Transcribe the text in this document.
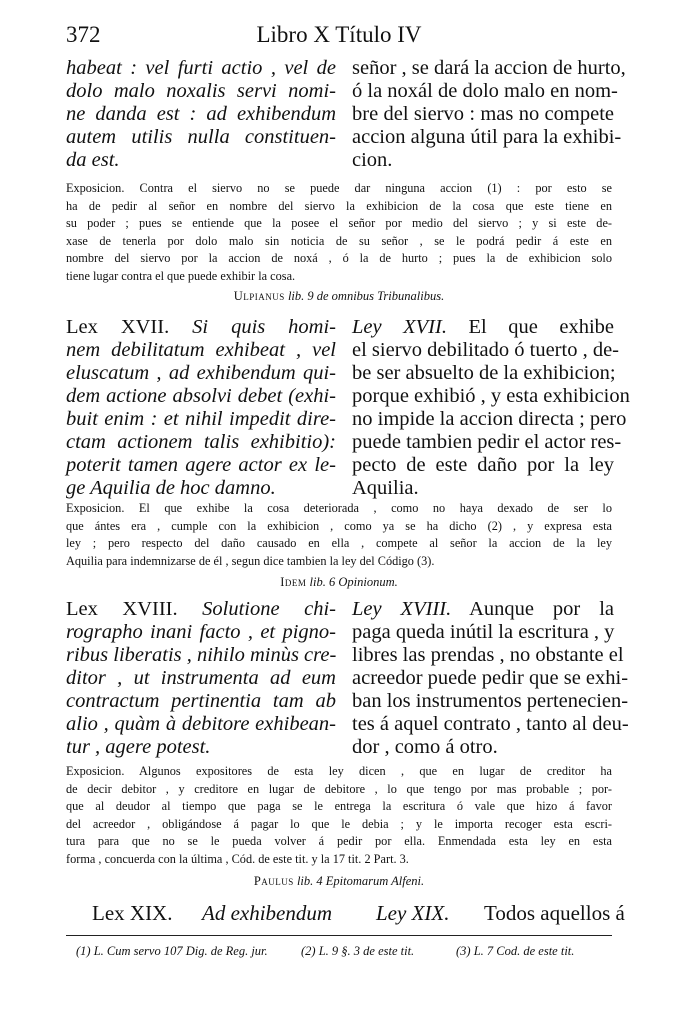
372	Libro X Título IV
habeat : vel furti actio , vel de
dolo malo noxalis servi nomi-
ne danda est : ad exhibendum
autem utilis nulla constituen-
da est.
señor , se dará la accion de hurto,
ó la noxál de dolo malo en nom-
bre del siervo : mas no compete
accion alguna útil para la exhibi-
cion.
Exposicion. Contra el siervo no se puede dar ninguna accion (1) : por esto se
ha de pedir al señor en nombre del siervo la exhibicion de la cosa que este tiene en
su poder ; pues se entiende que la posee el señor por medio del siervo ; y si este de-
xase de tenerla por dolo malo sin noticia de su señor , se le podrá pedir á este en
nombre del siervo por la accion de noxá , ó la de hurto ; pues la de exhibicion solo
tiene lugar contra el que puede exhibir la cosa.
Ulpianus lib. 9 de omnibus Tribunalibus.
Lex XVII. Si quis homi-
nem debilitatum exhibeat , vel
eluscatum , ad exhibendum qui-
dem actione absolvi debet (exhi-
buit enim : et nihil impedit dire-
ctam actionem talis exhibitio):
poterit tamen agere actor ex le-
ge Aquilia de hoc damno.
Ley XVII. El que exhibe
el siervo debilitado ó tuerto , de-
be ser absuelto de la exhibicion;
porque exhibió , y esta exhibicion
no impide la accion directa ; pero
puede tambien pedir el actor res-
pecto de este daño por la ley
Aquilia.
Exposicion. El que exhibe la cosa deteriorada , como no haya dexado de ser lo
que ántes era , cumple con la exhibicion , como ya se ha dicho (2) , y expresa esta
ley ; pero respecto del daño causado en ella , compete al señor la accion de la ley
Aquilia para indemnizarse de él , segun dice tambien la ley del Código (3).
Idem lib. 6 Opinionum.
Lex XVIII. Solutione chi-
rographo inani facto , et pigno-
ribus liberatis , nihilo minùs cre-
ditor , ut instrumenta ad eum
contractum pertinentia tam ab
alio , quàm à debitore exhibean-
tur , agere potest.
Ley XVIII. Aunque por la
paga queda inútil la escritura , y
libres las prendas , no obstante el
acreedor puede pedir que se exhi-
ban los instrumentos pertenecien-
tes á aquel contrato , tanto al deu-
dor , como á otro.
Exposicion. Algunos expositores de esta ley dicen , que en lugar de creditor ha
de decir debitor , y creditore en lugar de debitore , lo que tengo por mas probable ; por-
que al deudor al tiempo que paga se le entrega la escritura ó vale que hizo á favor
del acreedor , obligándose á pagar lo que le debia ; y le importa recoger esta escri-
tura para que no se le pueda volver á pedir por ella. Enmendada esta ley en esta
forma , concuerda con la última , Cód. de este tit. y la 17 tit. 2 Part. 3.
Paulus lib. 4 Epitomarum Alfeni.
Lex XIX. Ad exhibendum Ley XIX. Todos aquellos á
(1) L. Cum servo 107 Dig. de Reg. jur.	(2) L. 9 §. 3 de este tit.	(3) L. 7 Cod. de este tit.
